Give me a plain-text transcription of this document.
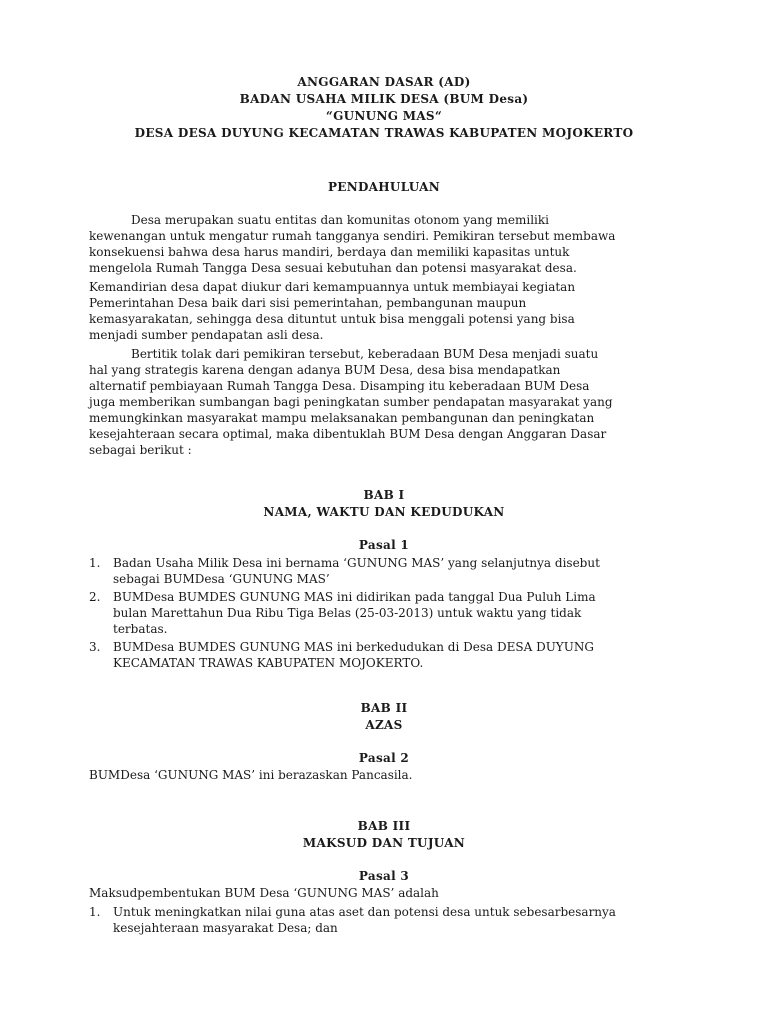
ANGGARAN DASAR (AD)
BADAN USAHA MILIK DESA (BUM Desa)
“GUNUNG MAS“
DESA DESA DUYUNG KECAMATAN TRAWAS KABUPATEN MOJOKERTO
PENDAHULUAN
Desa merupakan suatu entitas dan komunitas otonom yang memiliki
kewenangan untuk mengatur rumah tangganya sendiri. Pemikiran tersebut membawa
konsekuensi bahwa desa harus mandiri, berdaya dan memiliki kapasitas untuk
mengelola Rumah Tangga Desa sesuai kebutuhan dan potensi masyarakat desa.
Kemandirian desa dapat diukur dari kemampuannya untuk membiayai kegiatan
Pemerintahan Desa baik dari sisi pemerintahan, pembangunan maupun
kemasyarakatan, sehingga desa dituntut untuk bisa menggali potensi yang bisa
menjadi sumber pendapatan asli desa.
Bertitik tolak dari pemikiran tersebut, keberadaan BUM Desa menjadi suatu
hal yang strategis karena dengan adanya BUM Desa, desa bisa mendapatkan
alternatif pembiayaan Rumah Tangga Desa. Disamping itu keberadaan BUM Desa
juga memberikan sumbangan bagi peningkatan sumber pendapatan masyarakat yang
memungkinkan masyarakat mampu melaksanakan pembangunan dan peningkatan
kesejahteraan secara optimal, maka dibentuklah BUM Desa dengan Anggaran Dasar
sebagai berikut :
BAB I
NAMA, WAKTU DAN KEDUDUKAN
Pasal 1
1. Badan Usaha Milik Desa ini bernama ‘GUNUNG MAS’ yang selanjutnya disebut
sebagai BUMDesa ‘GUNUNG MAS’
2. BUMDesa BUMDES GUNUNG MAS ini didirikan pada tanggal Dua Puluh Lima
bulan Marettahun Dua Ribu Tiga Belas (25-03-2013) untuk waktu yang tidak
terbatas.
3. BUMDesa BUMDES GUNUNG MAS ini berkedudukan di Desa DESA DUYUNG
KECAMATAN TRAWAS KABUPATEN MOJOKERTO.
BAB II
AZAS
Pasal 2
BUMDesa ‘GUNUNG MAS’ ini berazaskan Pancasila.
BAB III
MAKSUD DAN TUJUAN
Pasal 3
Maksudpembentukan BUM Desa ‘GUNUNG MAS’ adalah
1. Untuk meningkatkan nilai guna atas aset dan potensi desa untuk sebesarbesarnya
kesejahteraan masyarakat Desa; dan
